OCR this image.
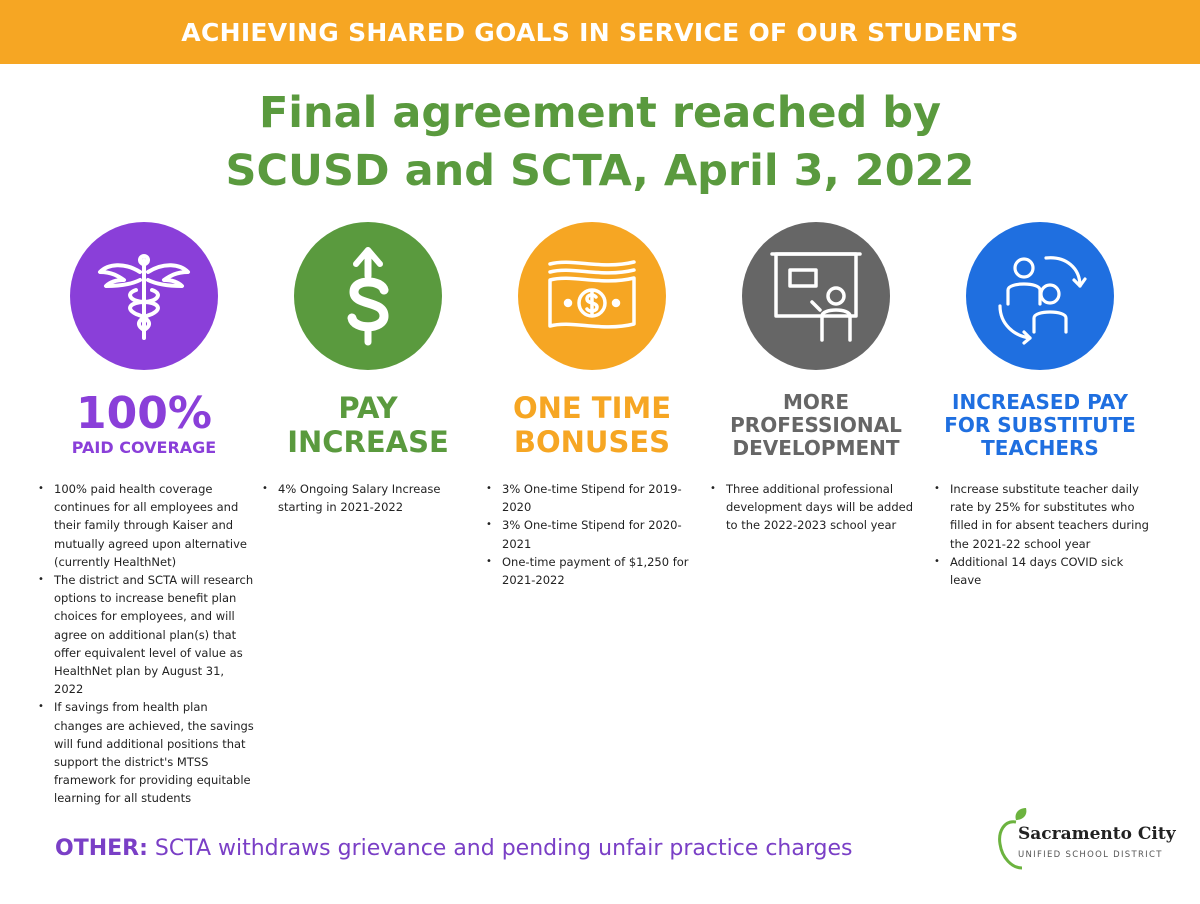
ACHIEVING SHARED GOALS IN SERVICE OF OUR STUDENTS
Final agreement reached by
SCUSD and SCTA, April 3, 2022
100%
PAID COVERAGE
• 100% paid health coverage continues for all employees and their family through Kaiser and mutually agreed upon alternative (currently HealthNet)
• The district and SCTA will research options to increase benefit plan choices for employees, and will agree on additional plan(s) that offer equivalent level of value as HealthNet plan by August 31, 2022
• If savings from health plan changes are achieved, the savings will fund additional positions that support the district's MTSS framework for providing equitable learning for all students
PAY
INCREASE
• 4% Ongoing Salary Increase starting in 2021-2022
ONE TIME
BONUSES
• 3% One-time Stipend for 2019-2020
• 3% One-time Stipend for 2020-2021
• One-time payment of $1,250 for 2021-2022
MORE
PROFESSIONAL
DEVELOPMENT
• Three additional professional development days will be added to the 2022-2023 school year
INCREASED PAY
FOR SUBSTITUTE
TEACHERS
• Increase substitute teacher daily rate by 25% for substitutes who filled in for absent teachers during the 2021-22 school year
• Additional 14 days COVID sick leave
OTHER: SCTA withdraws grievance and pending unfair practice charges
Sacramento City
UNIFIED SCHOOL DISTRICT
